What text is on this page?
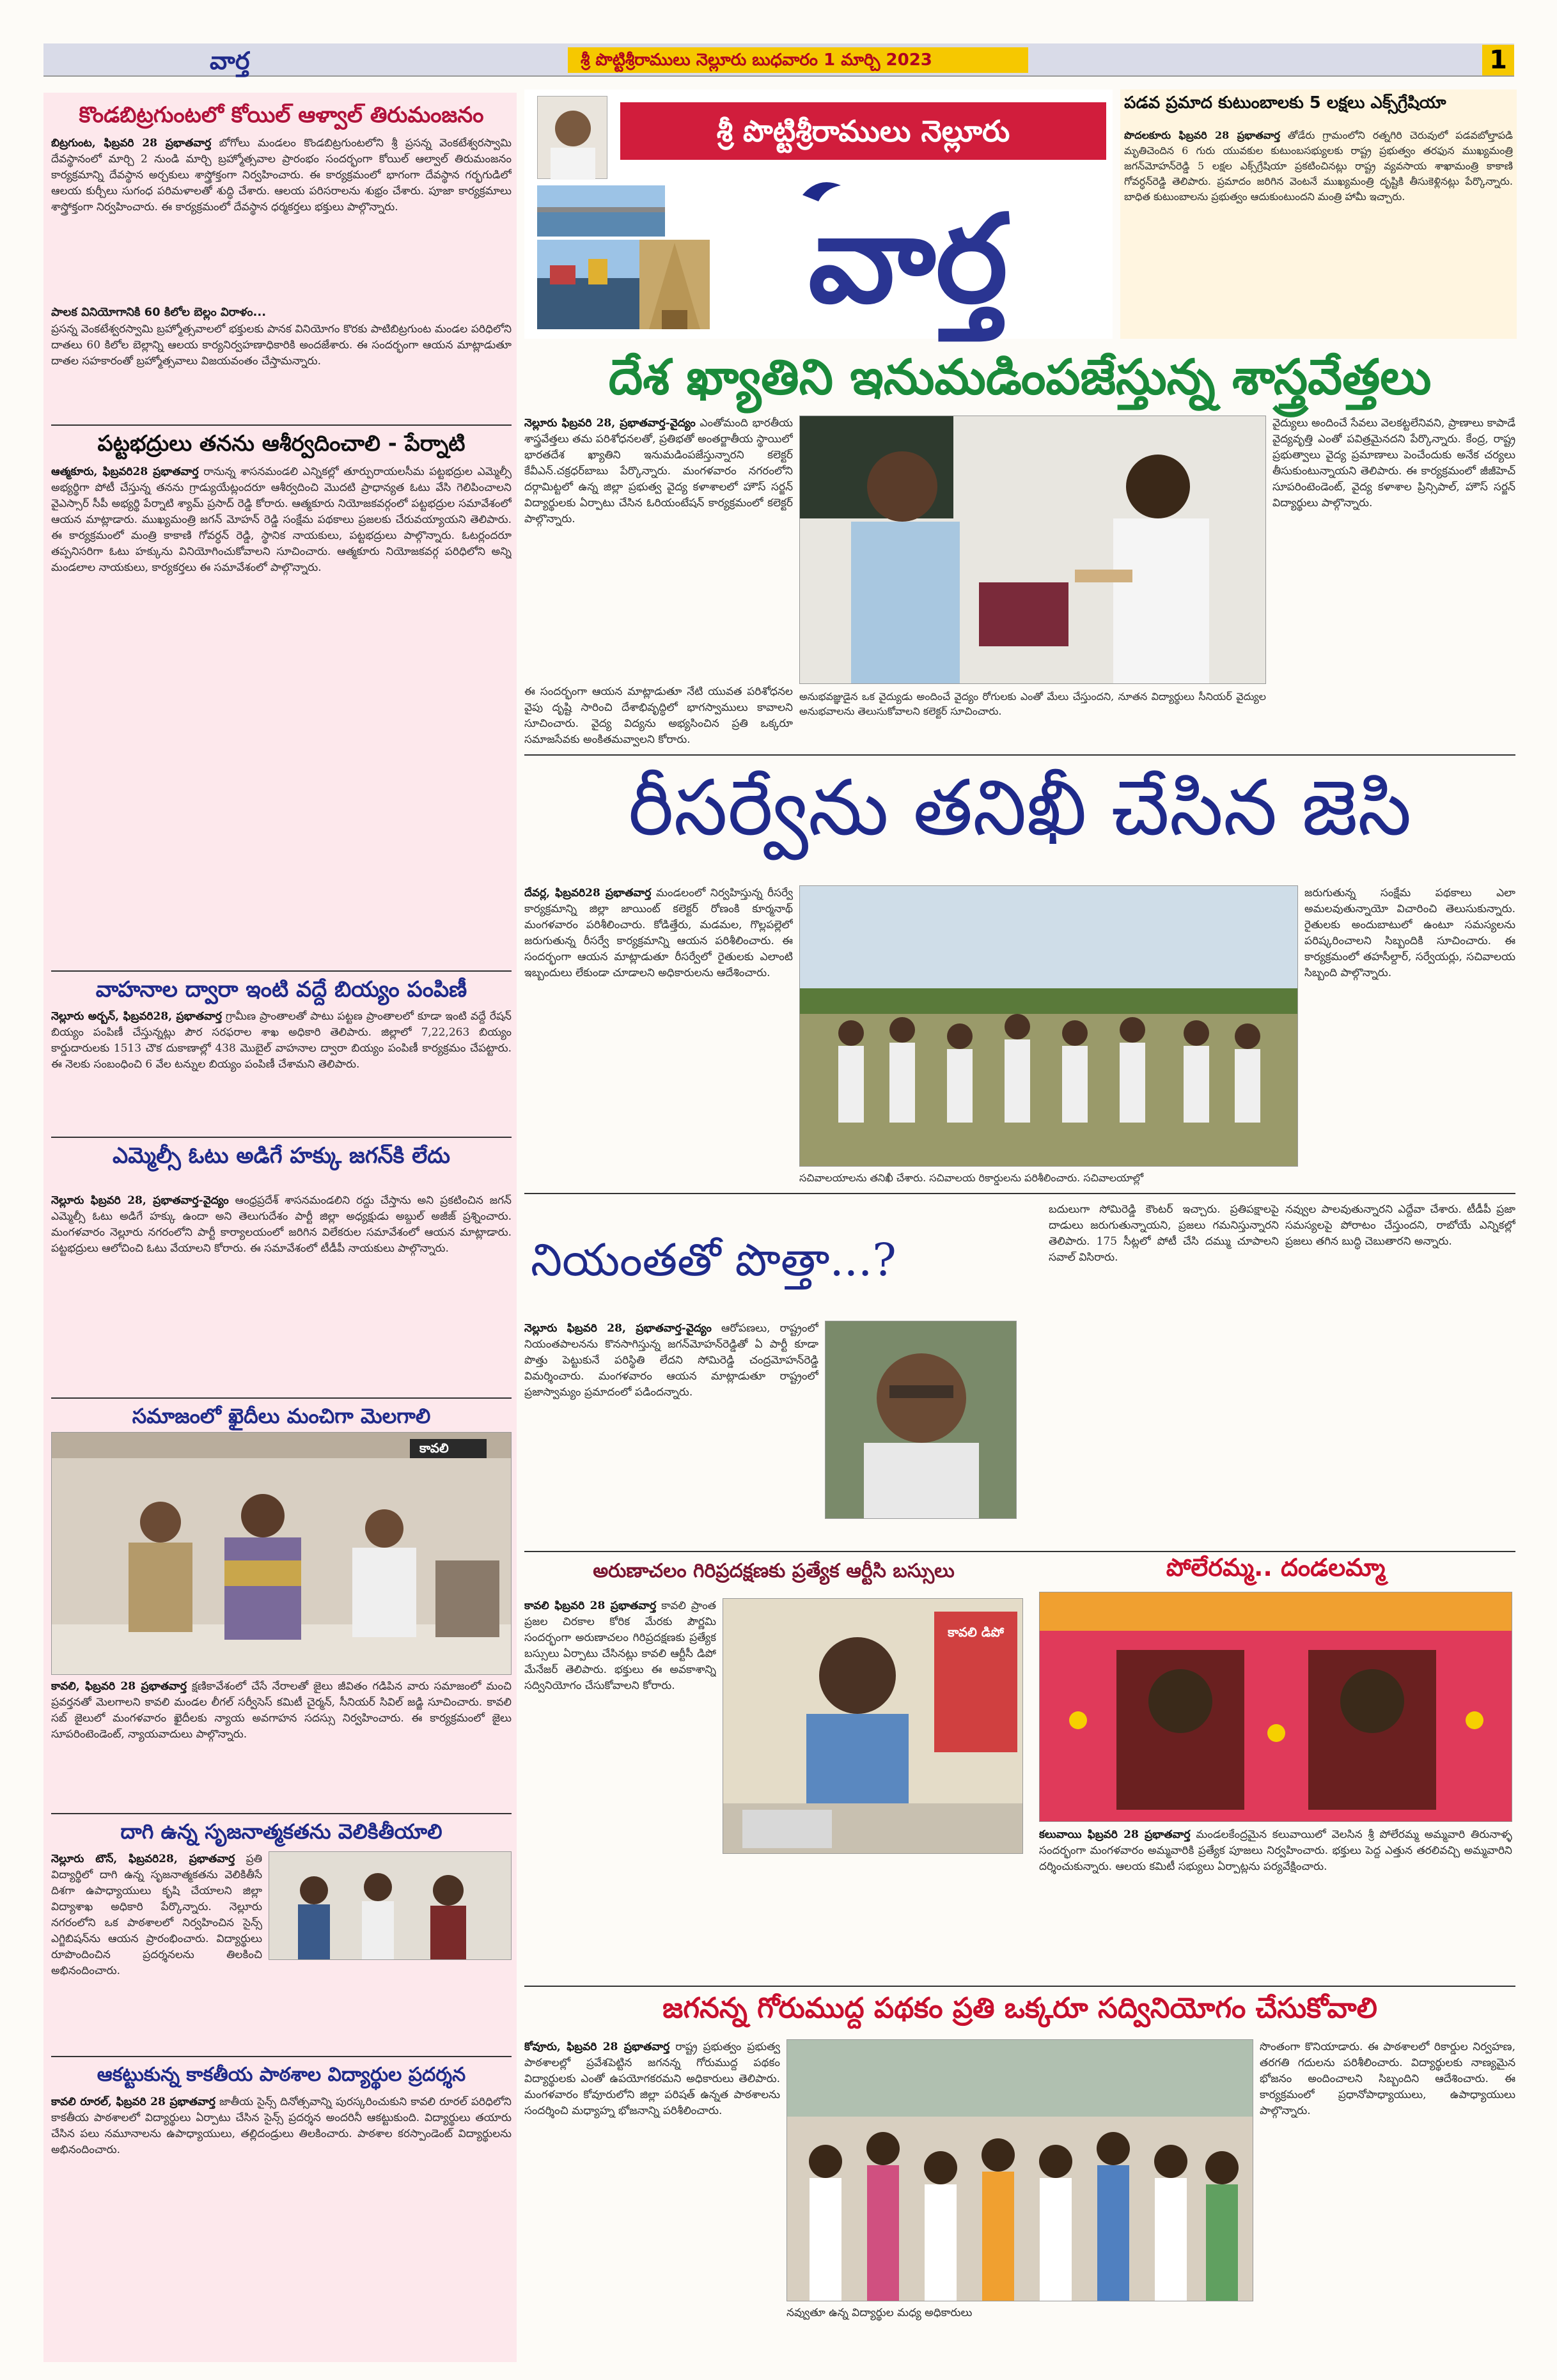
వార్త	శ్రీ పొట్టిశ్రీరాములు నెల్లూరు బుధవారం 1 మార్చి 2023	1
కొండబిట్రగుంటలో కోయిల్ ఆళ్వాల్ తిరుమంజనం
బిట్రగుంట, ఫిబ్రవరి 28 ప్రభాతవార్త బోగోలు మండలం కొండబిట్రగుంటలోని శ్రీ ప్రసన్న వెంకటేశ్వరస్వామి దేవస్థానంలో మార్చి 2 నుండి మార్చి బ్రహ్మోత్సవాల ప్రారంభం సందర్భంగా కోయిల్ ఆల్వాల్ తిరుమంజనం కార్యక్రమాన్ని దేవస్థాన అర్చకులు శాస్త్రోక్తంగా నిర్వహించారు. ఈ కార్యక్రమంలో భాగంగా దేవస్థాన గర్భగుడిలో ఆలయ కుర్చీలు సుగంధ పరిమళాలతో శుద్ధి చేశారు. ఆలయ పరిసరాలను శుభ్రం చేశారు. పూజా కార్యక్రమాలు శాస్త్రోక్తంగా నిర్వహించారు. ఈ కార్యక్రమంలో దేవస్థాన ధర్మకర్తలు భక్తులు పాల్గొన్నారు.
పాలక వినియోగానికి 60 కిలోల బెల్లం విరాళం...
ప్రసన్న వెంకటేశ్వరస్వామి బ్రహ్మోత్సవాలలో భక్తులకు పానక వినియోగం కొరకు పాటిబిట్రగుంట మండల పరిధిలోని దాతలు 60 కిలోల బెల్లాన్ని ఆలయ కార్యనిర్వహణాధికారికి అందజేశారు. ఈ సందర్భంగా ఆయన మాట్లాడుతూ దాతల సహకారంతో బ్రహ్మోత్సవాలు విజయవంతం చేస్తామన్నారు.
పట్టభద్రులు తనను ఆశీర్వదించాలి - పేర్నాటి
ఆత్మకూరు, ఫిబ్రవరి28 ప్రభాతవార్త రానున్న శాసనమండలి ఎన్నికల్లో తూర్పురాయలసీమ పట్టభద్రుల ఎమ్మెల్సీ అభ్యర్థిగా పోటీ చేస్తున్న తనను గ్రాడ్యుయేట్లందరూ ఆశీర్వదించి మొదటి ప్రాధాన్యత ఓటు వేసి గెలిపించాలని వైఎస్సార్ సీపీ అభ్యర్థి పేర్నాటి శ్యామ్ ప్రసాద్ రెడ్డి కోరారు. ఆత్మకూరు నియోజకవర్గంలో పట్టభద్రుల సమావేశంలో ఆయన మాట్లాడారు. ముఖ్యమంత్రి జగన్ మోహన్ రెడ్డి సంక్షేమ పథకాలు ప్రజలకు చేరువయ్యాయని తెలిపారు. ఈ కార్యక్రమంలో మంత్రి కాకాణి గోవర్ధన్ రెడ్డి, స్థానిక నాయకులు, పట్టభద్రులు పాల్గొన్నారు. ఓటర్లందరూ తప్పనిసరిగా ఓటు హక్కును వినియోగించుకోవాలని సూచించారు. ఆత్మకూరు నియోజకవర్గ పరిధిలోని అన్ని మండలాల నాయకులు, కార్యకర్తలు ఈ సమావేశంలో పాల్గొన్నారు.
వాహనాల ద్వారా ఇంటి వద్దే బియ్యం పంపిణీ
నెల్లూరు అర్బన్, ఫిబ్రవరి28, ప్రభాతవార్త గ్రామీణ ప్రాంతాలతో పాటు పట్టణ ప్రాంతాలలో కూడా ఇంటి వద్దే రేషన్ బియ్యం పంపిణీ చేస్తున్నట్లు పౌర సరఫరాల శాఖ అధికారి తెలిపారు. జిల్లాలో 7,22,263 బియ్యం కార్డుదారులకు 1513 చౌక దుకాణాల్లో 438 మొబైల్ వాహనాల ద్వారా బియ్యం పంపిణీ కార్యక్రమం చేపట్టారు. ఈ నెలకు సంబంధించి 6 వేల టన్నుల బియ్యం పంపిణీ చేశామని తెలిపారు.
ఎమ్మెల్సీ ఓటు అడిగే హక్కు జగన్‌కి లేదు
నెల్లూరు ఫిబ్రవరి 28, ప్రభాతవార్త-వైద్యం ఆంధ్రప్రదేశ్ శాసనమండలిని రద్దు చేస్తాను అని ప్రకటించిన జగన్ ఎమ్మెల్సీ ఓటు అడిగే హక్కు ఉందా అని తెలుగుదేశం పార్టీ జిల్లా అధ్యక్షుడు అబ్దుల్ అజీజ్ ప్రశ్నించారు. మంగళవారం నెల్లూరు నగరంలోని పార్టీ కార్యాలయంలో జరిగిన విలేకరుల సమావేశంలో ఆయన మాట్లాడారు. పట్టభద్రులు ఆలోచించి ఓటు వేయాలని కోరారు. ఈ సమావేశంలో టీడీపీ నాయకులు పాల్గొన్నారు.
సమాజంలో ఖైదీలు మంచిగా మెలగాలి
కావలి
కావలి, ఫిబ్రవరి 28 ప్రభాతవార్త క్షణికావేశంలో చేసే నేరాలతో జైలు జీవితం గడిపిన వారు సమాజంలో మంచి ప్రవర్తనతో మెలగాలని కావలి మండల లీగల్ సర్వీసెస్ కమిటీ చైర్మన్, సీనియర్ సివిల్ జడ్జి సూచించారు. కావలి సబ్ జైలులో మంగళవారం ఖైదీలకు న్యాయ అవగాహన సదస్సు నిర్వహించారు. ఈ కార్యక్రమంలో జైలు సూపరింటెండెంట్, న్యాయవాదులు పాల్గొన్నారు.
దాగి ఉన్న సృజనాత్మకతను వెలికితీయాలి
నెల్లూరు టౌన్, ఫిబ్రవరి28, ప్రభాతవార్త ప్రతి విద్యార్థిలో దాగి ఉన్న సృజనాత్మకతను వెలికితీసే దిశగా ఉపాధ్యాయులు కృషి చేయాలని జిల్లా విద్యాశాఖ అధికారి పేర్కొన్నారు. నెల్లూరు నగరంలోని ఒక పాఠశాలలో నిర్వహించిన సైన్స్ ఎగ్జిబిషన్‌ను ఆయన ప్రారంభించారు. విద్యార్థులు రూపొందించిన ప్రదర్శనలను తిలకించి అభినందించారు.
ఆకట్టుకున్న కాకతీయ పాఠశాల విద్యార్థుల ప్రదర్శన
కావలి రూరల్, ఫిబ్రవరి 28 ప్రభాతవార్త జాతీయ సైన్స్ దినోత్సవాన్ని పురస్కరించుకుని కావలి రూరల్ పరిధిలోని కాకతీయ పాఠశాలలో విద్యార్థులు ఏర్పాటు చేసిన సైన్స్ ప్రదర్శన అందరినీ ఆకట్టుకుంది. విద్యార్థులు తయారు చేసిన పలు నమూనాలను ఉపాధ్యాయులు, తల్లిదండ్రులు తిలకించారు. పాఠశాల కరస్పాండెంట్ విద్యార్థులను అభినందించారు.
శ్రీ పొట్టిశ్రీరాములు నెల్లూరు
వార్త
పడవ ప్రమాద కుటుంబాలకు 5 లక్షలు ఎక్స్‌గ్రేషియా
పొదలకూరు ఫిబ్రవరి 28 ప్రభాతవార్త తోడేరు గ్రామంలోని రత్నగిరి చెరువులో పడవబోల్తాపడి మృతిచెందిన 6 గురు యువకుల కుటుంబసభ్యులకు రాష్ట్ర ప్రభుత్వం తరఫున ముఖ్యమంత్రి జగన్‌మోహన్‌రెడ్డి 5 లక్షల ఎక్స్‌గ్రేషియా ప్రకటించినట్లు రాష్ట్ర వ్యవసాయ శాఖామంత్రి కాకాణి గోవర్ధన్‌రెడ్డి తెలిపారు. ప్రమాదం జరిగిన వెంటనే ముఖ్యమంత్రి దృష్టికి తీసుకెళ్లినట్లు పేర్కొన్నారు. బాధిత కుటుంబాలను ప్రభుత్వం ఆదుకుంటుందని మంత్రి హామీ ఇచ్చారు.
దేశ ఖ్యాతిని ఇనుమడింపజేస్తున్న శాస్త్రవేత్తలు
నెల్లూరు ఫిబ్రవరి 28, ప్రభాతవార్త-వైద్యం ఎంతోమంది భారతీయ శాస్త్రవేత్తలు తమ పరిశోధనలతో, ప్రతిభతో అంతర్జాతీయ స్థాయిలో భారతదేశ ఖ్యాతిని ఇనుమడింపజేస్తున్నారని కలెక్టర్ కేవీఎన్.చక్రధర్‌బాబు పేర్కొన్నారు. మంగళవారం నగరంలోని దర్గామిట్టలో ఉన్న జిల్లా ప్రభుత్వ వైద్య కళాశాలలో హౌస్ సర్జన్ విద్యార్థులకు ఏర్పాటు చేసిన ఓరియంటేషన్ కార్యక్రమంలో కలెక్టర్ పాల్గొన్నారు.
అనుభవజ్ఞుడైన ఒక వైద్యుడు అందించే వైద్యం రోగులకు ఎంతో మేలు చేస్తుందని, నూతన విద్యార్థులు సీనియర్ వైద్యుల అనుభవాలను తెలుసుకోవాలని కలెక్టర్ సూచించారు.
వైద్యులు అందించే సేవలు వెలకట్టలేనివని, ప్రాణాలు కాపాడే వైద్యవృత్తి ఎంతో పవిత్రమైనదని పేర్కొన్నారు. కేంద్ర, రాష్ట్ర ప్రభుత్వాలు వైద్య ప్రమాణాలు పెంచేందుకు అనేక చర్యలు తీసుకుంటున్నాయని తెలిపారు. ఈ కార్యక్రమంలో జీజీహెచ్ సూపరింటెండెంట్, వైద్య కళాశాల ప్రిన్సిపాల్, హౌస్ సర్జన్ విద్యార్థులు పాల్గొన్నారు.
ఈ సందర్భంగా ఆయన మాట్లాడుతూ నేటి యువత పరిశోధనల వైపు దృష్టి సారించి దేశాభివృద్ధిలో భాగస్వాములు కావాలని సూచించారు. వైద్య విద్యను అభ్యసించిన ప్రతి ఒక్కరూ సమాజసేవకు అంకితమవ్వాలని కోరారు.
రీసర్వేను తనిఖీ చేసిన జెసి
దేవర్ల, ఫిబ్రవరి28 ప్రభాతవార్త మండలంలో నిర్వహిస్తున్న రీసర్వే కార్యక్రమాన్ని జిల్లా జాయింట్ కలెక్టర్ రోణంకి కూర్మనాథ్ మంగళవారం పరిశీలించారు. కోడిత్తేరు, మడమల, గొల్లపల్లెలో జరుగుతున్న రీసర్వే కార్యక్రమాన్ని ఆయన పరిశీలించారు. ఈ సందర్భంగా ఆయన మాట్లాడుతూ రీసర్వేలో రైతులకు ఎలాంటి ఇబ్బందులు లేకుండా చూడాలని అధికారులను ఆదేశించారు.
సచివాలయాలను తనిఖీ చేశారు. సచివాలయ రికార్డులను పరిశీలించారు. సచివాలయాల్లో
జరుగుతున్న సంక్షేమ పథకాలు ఎలా అమలవుతున్నాయో విచారించి తెలుసుకున్నారు. రైతులకు అందుబాటులో ఉంటూ సమస్యలను పరిష్కరించాలని సిబ్బందికి సూచించారు. ఈ కార్యక్రమంలో తహసీల్దార్, సర్వేయర్లు, సచివాలయ సిబ్బంది పాల్గొన్నారు.
నియంతతో పొత్తా...?
నెల్లూరు ఫిబ్రవరి 28, ప్రభాతవార్త-వైద్యం ఆరోపణలు, రాష్ట్రంలో నియంతపాలనను కొనసాగిస్తున్న జగన్‌మోహన్‌రెడ్డితో ఏ పార్టీ కూడా పొత్తు పెట్టుకునే పరిస్థితి లేదని సోమిరెడ్డి చంద్రమోహన్‌రెడ్డి విమర్శించారు. మంగళవారం ఆయన మాట్లాడుతూ రాష్ట్రంలో ప్రజాస్వామ్యం ప్రమాదంలో పడిందన్నారు.
బదులుగా సోమిరెడ్డి కౌంటర్ ఇచ్చారు. ప్రతిపక్షాలపై దాడులు జరుగుతున్నాయని, ప్రజలు గమనిస్తున్నారని తెలిపారు. 175 సీట్లలో పోటీ చేసి దమ్ము చూపాలని సవాల్ విసిరారు.
నవ్వుల పాలవుతున్నారని ఎద్దేవా చేశారు. టీడీపీ ప్రజా సమస్యలపై పోరాటం చేస్తుందని, రాబోయే ఎన్నికల్లో ప్రజలు తగిన బుద్ధి చెబుతారని అన్నారు.
అరుణాచలం గిరిప్రదక్షణకు ప్రత్యేక ఆర్టీసి బస్సులు
కావలి ఫిబ్రవరి 28 ప్రభాతవార్త కావలి ప్రాంత ప్రజల చిరకాల కోరిక మేరకు పౌర్ణమి సందర్భంగా అరుణాచలం గిరిప్రదక్షణకు ప్రత్యేక బస్సులు ఏర్పాటు చేసినట్లు కావలి ఆర్టీసీ డిపో మేనేజర్ తెలిపారు. భక్తులు ఈ అవకాశాన్ని సద్వినియోగం చేసుకోవాలని కోరారు.
కావలి డిపో
పోలేరమ్మ.. దండలమ్మా
కలువాయి ఫిబ్రవరి 28 ప్రభాతవార్త మండలకేంద్రమైన కలువాయిలో వెలసిన శ్రీ పోలేరమ్మ అమ్మవారి తిరునాళ్ళ సందర్భంగా మంగళవారం అమ్మవారికి ప్రత్యేక పూజలు నిర్వహించారు. భక్తులు పెద్ద ఎత్తున తరలివచ్చి అమ్మవారిని దర్శించుకున్నారు. ఆలయ కమిటీ సభ్యులు ఏర్పాట్లను పర్యవేక్షించారు.
జగనన్న గోరుముద్ద పథకం ప్రతి ఒక్కరూ సద్వినియోగం చేసుకోవాలి
కోవూరు, ఫిబ్రవరి 28 ప్రభాతవార్త రాష్ట్ర ప్రభుత్వం ప్రభుత్వ పాఠశాలల్లో ప్రవేశపెట్టిన జగనన్న గోరుముద్ద పథకం విద్యార్థులకు ఎంతో ఉపయోగకరమని అధికారులు తెలిపారు. మంగళవారం కోవూరులోని జిల్లా పరిషత్ ఉన్నత పాఠశాలను సందర్శించి మధ్యాహ్న భోజనాన్ని పరిశీలించారు.
నవ్వుతూ ఉన్న విద్యార్థుల మధ్య అధికారులు
సొంతంగా కొనియాడారు. ఈ పాఠశాలలో రికార్డుల నిర్వహణ, తరగతి గదులను పరిశీలించారు. విద్యార్థులకు నాణ్యమైన భోజనం అందించాలని సిబ్బందిని ఆదేశించారు. ఈ కార్యక్రమంలో ప్రధానోపాధ్యాయులు, ఉపాధ్యాయులు పాల్గొన్నారు.
